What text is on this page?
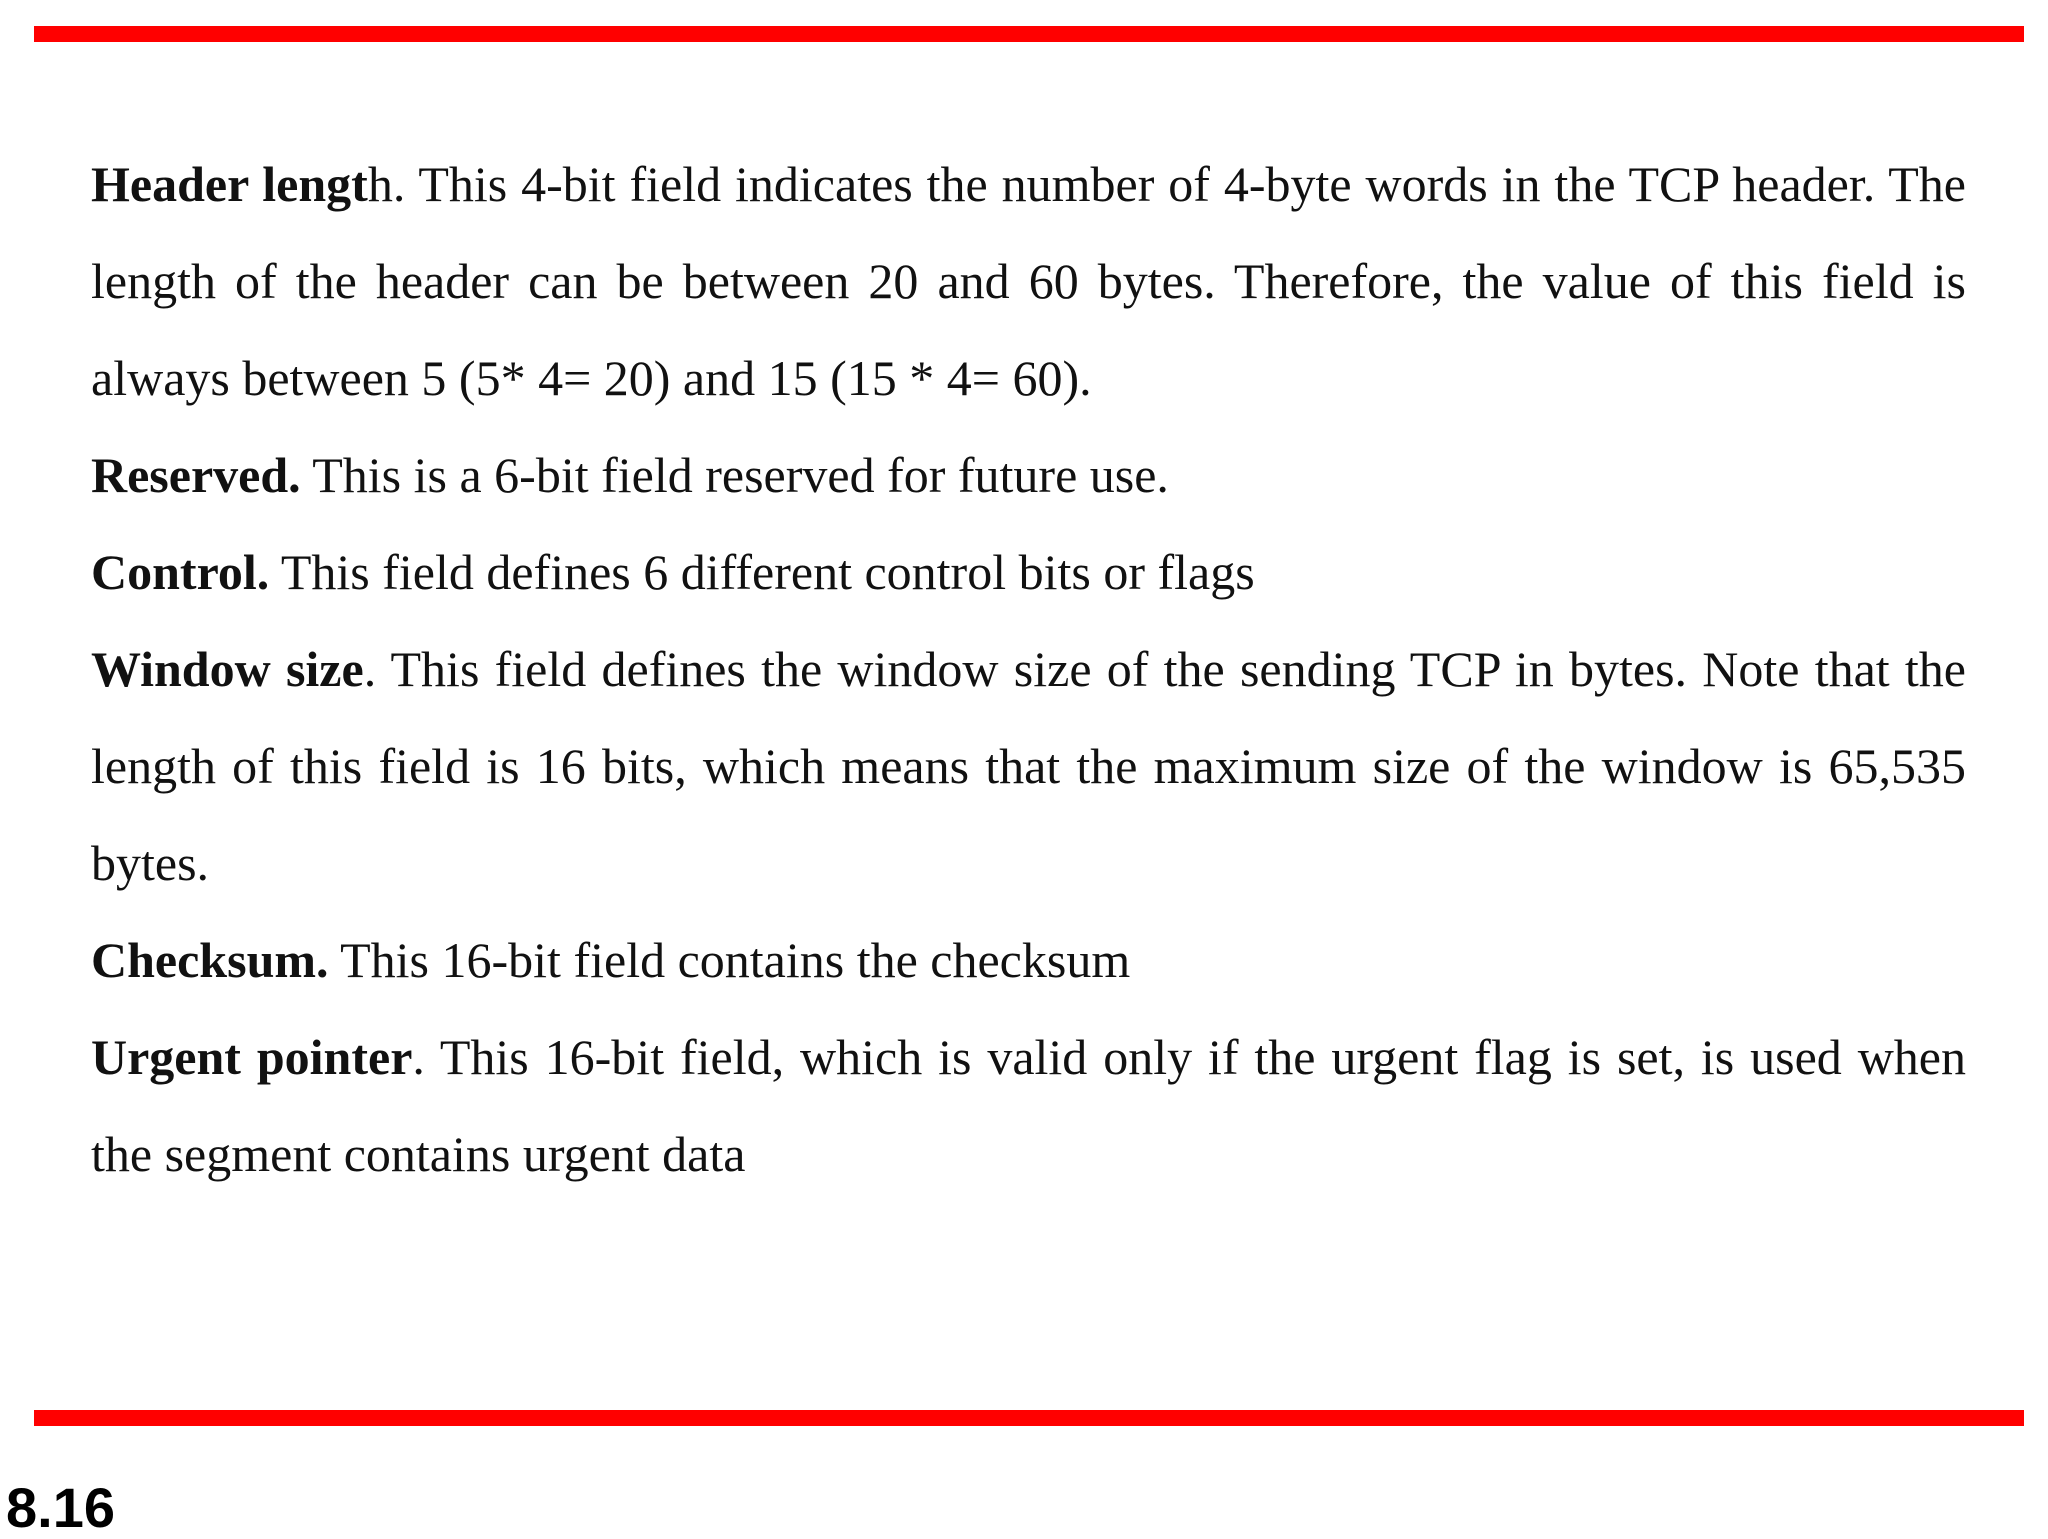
Header length. This 4-bit field indicates the number of 4-byte words in the TCP header. The length of the header can be between 20 and 60 bytes. Therefore, the value of this field is always between 5 (5* 4= 20) and 15 (15 * 4= 60).

Reserved. This is a 6-bit field reserved for future use.

Control. This field defines 6 different control bits or flags

Window size. This field defines the window size of the sending TCP in bytes. Note that the length of this field is 16 bits, which means that the maximum size of the window is 65,535 bytes.

Checksum. This 16-bit field contains the checksum

Urgent pointer. This 16-bit field, which is valid only if the urgent flag is set, is used when the segment contains urgent data

8.16
